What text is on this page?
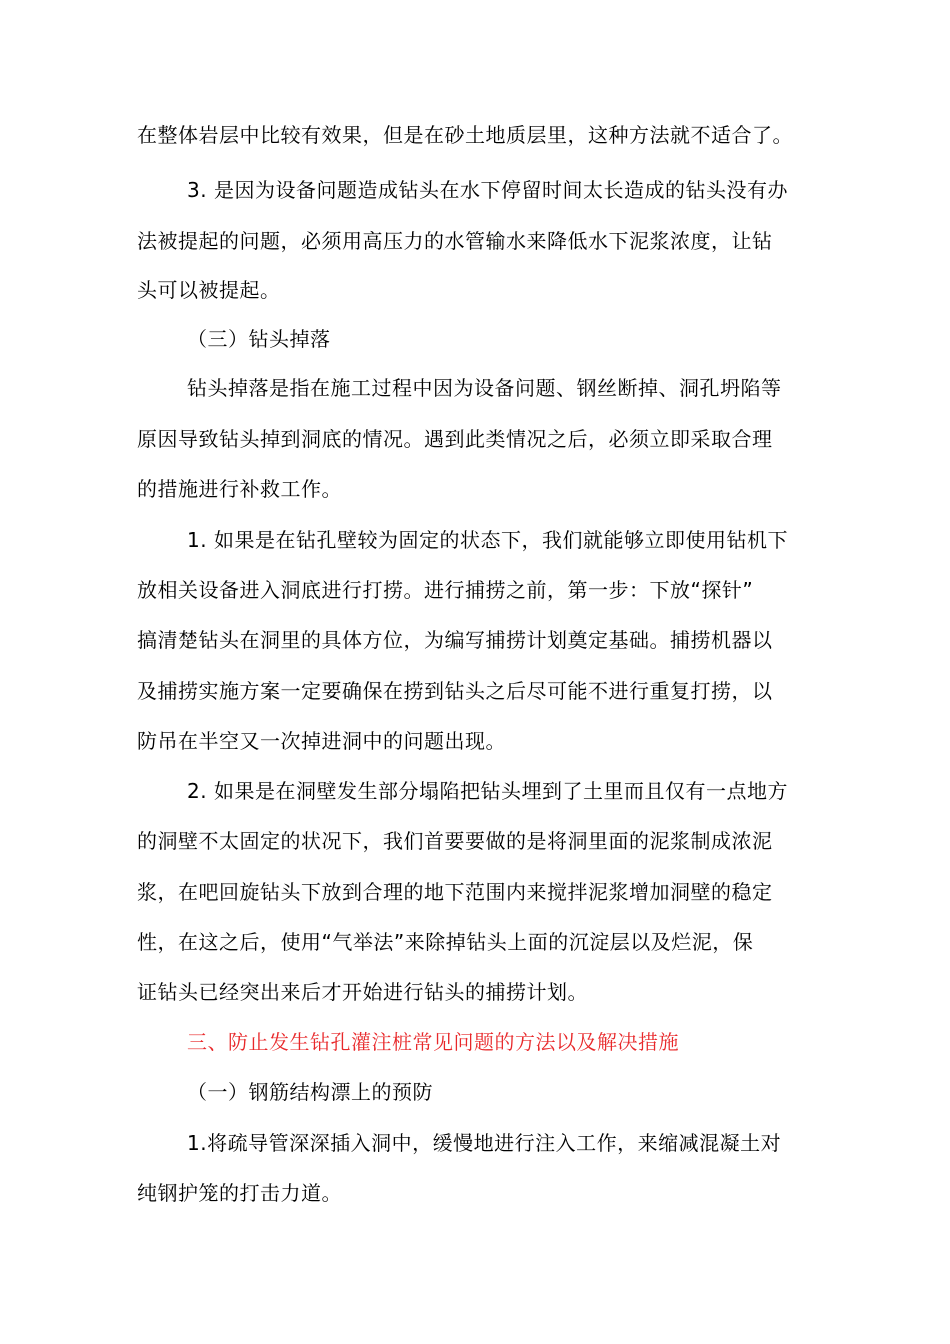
在整体岩层中比较有效果，但是在砂土地质层里，这种方法就不适合了。
3. 是因为设备问题造成钻头在水下停留时间太长造成的钻头没有办
法被提起的问题，必须用高压力的水管输水来降低水下泥浆浓度，让钻
头可以被提起。
（三）钻头掉落
钻头掉落是指在施工过程中因为设备问题、钢丝断掉、洞孔坍陷等
原因导致钻头掉到洞底的情况。遇到此类情况之后，必须立即采取合理
的措施进行补救工作。
1. 如果是在钻孔壁较为固定的状态下，我们就能够立即使用钻机下
放相关设备进入洞底进行打捞。进行捕捞之前，第一步：下放“探针”
搞清楚钻头在洞里的具体方位，为编写捕捞计划奠定基础。捕捞机器以
及捕捞实施方案一定要确保在捞到钻头之后尽可能不进行重复打捞，以
防吊在半空又一次掉进洞中的问题出现。
2. 如果是在洞壁发生部分塌陷把钻头埋到了土里而且仅有一点地方
的洞壁不太固定的状况下，我们首要要做的是将洞里面的泥浆制成浓泥
浆，在吧回旋钻头下放到合理的地下范围内来搅拌泥浆增加洞壁的稳定
性，在这之后，使用“气举法”来除掉钻头上面的沉淀层以及烂泥，保
证钻头已经突出来后才开始进行钻头的捕捞计划。
三、防止发生钻孔灌注桩常见问题的方法以及解决措施
（一）钢筋结构漂上的预防
1.将疏导管深深插入洞中，缓慢地进行注入工作，来缩减混凝土对
纯钢护笼的打击力道。
